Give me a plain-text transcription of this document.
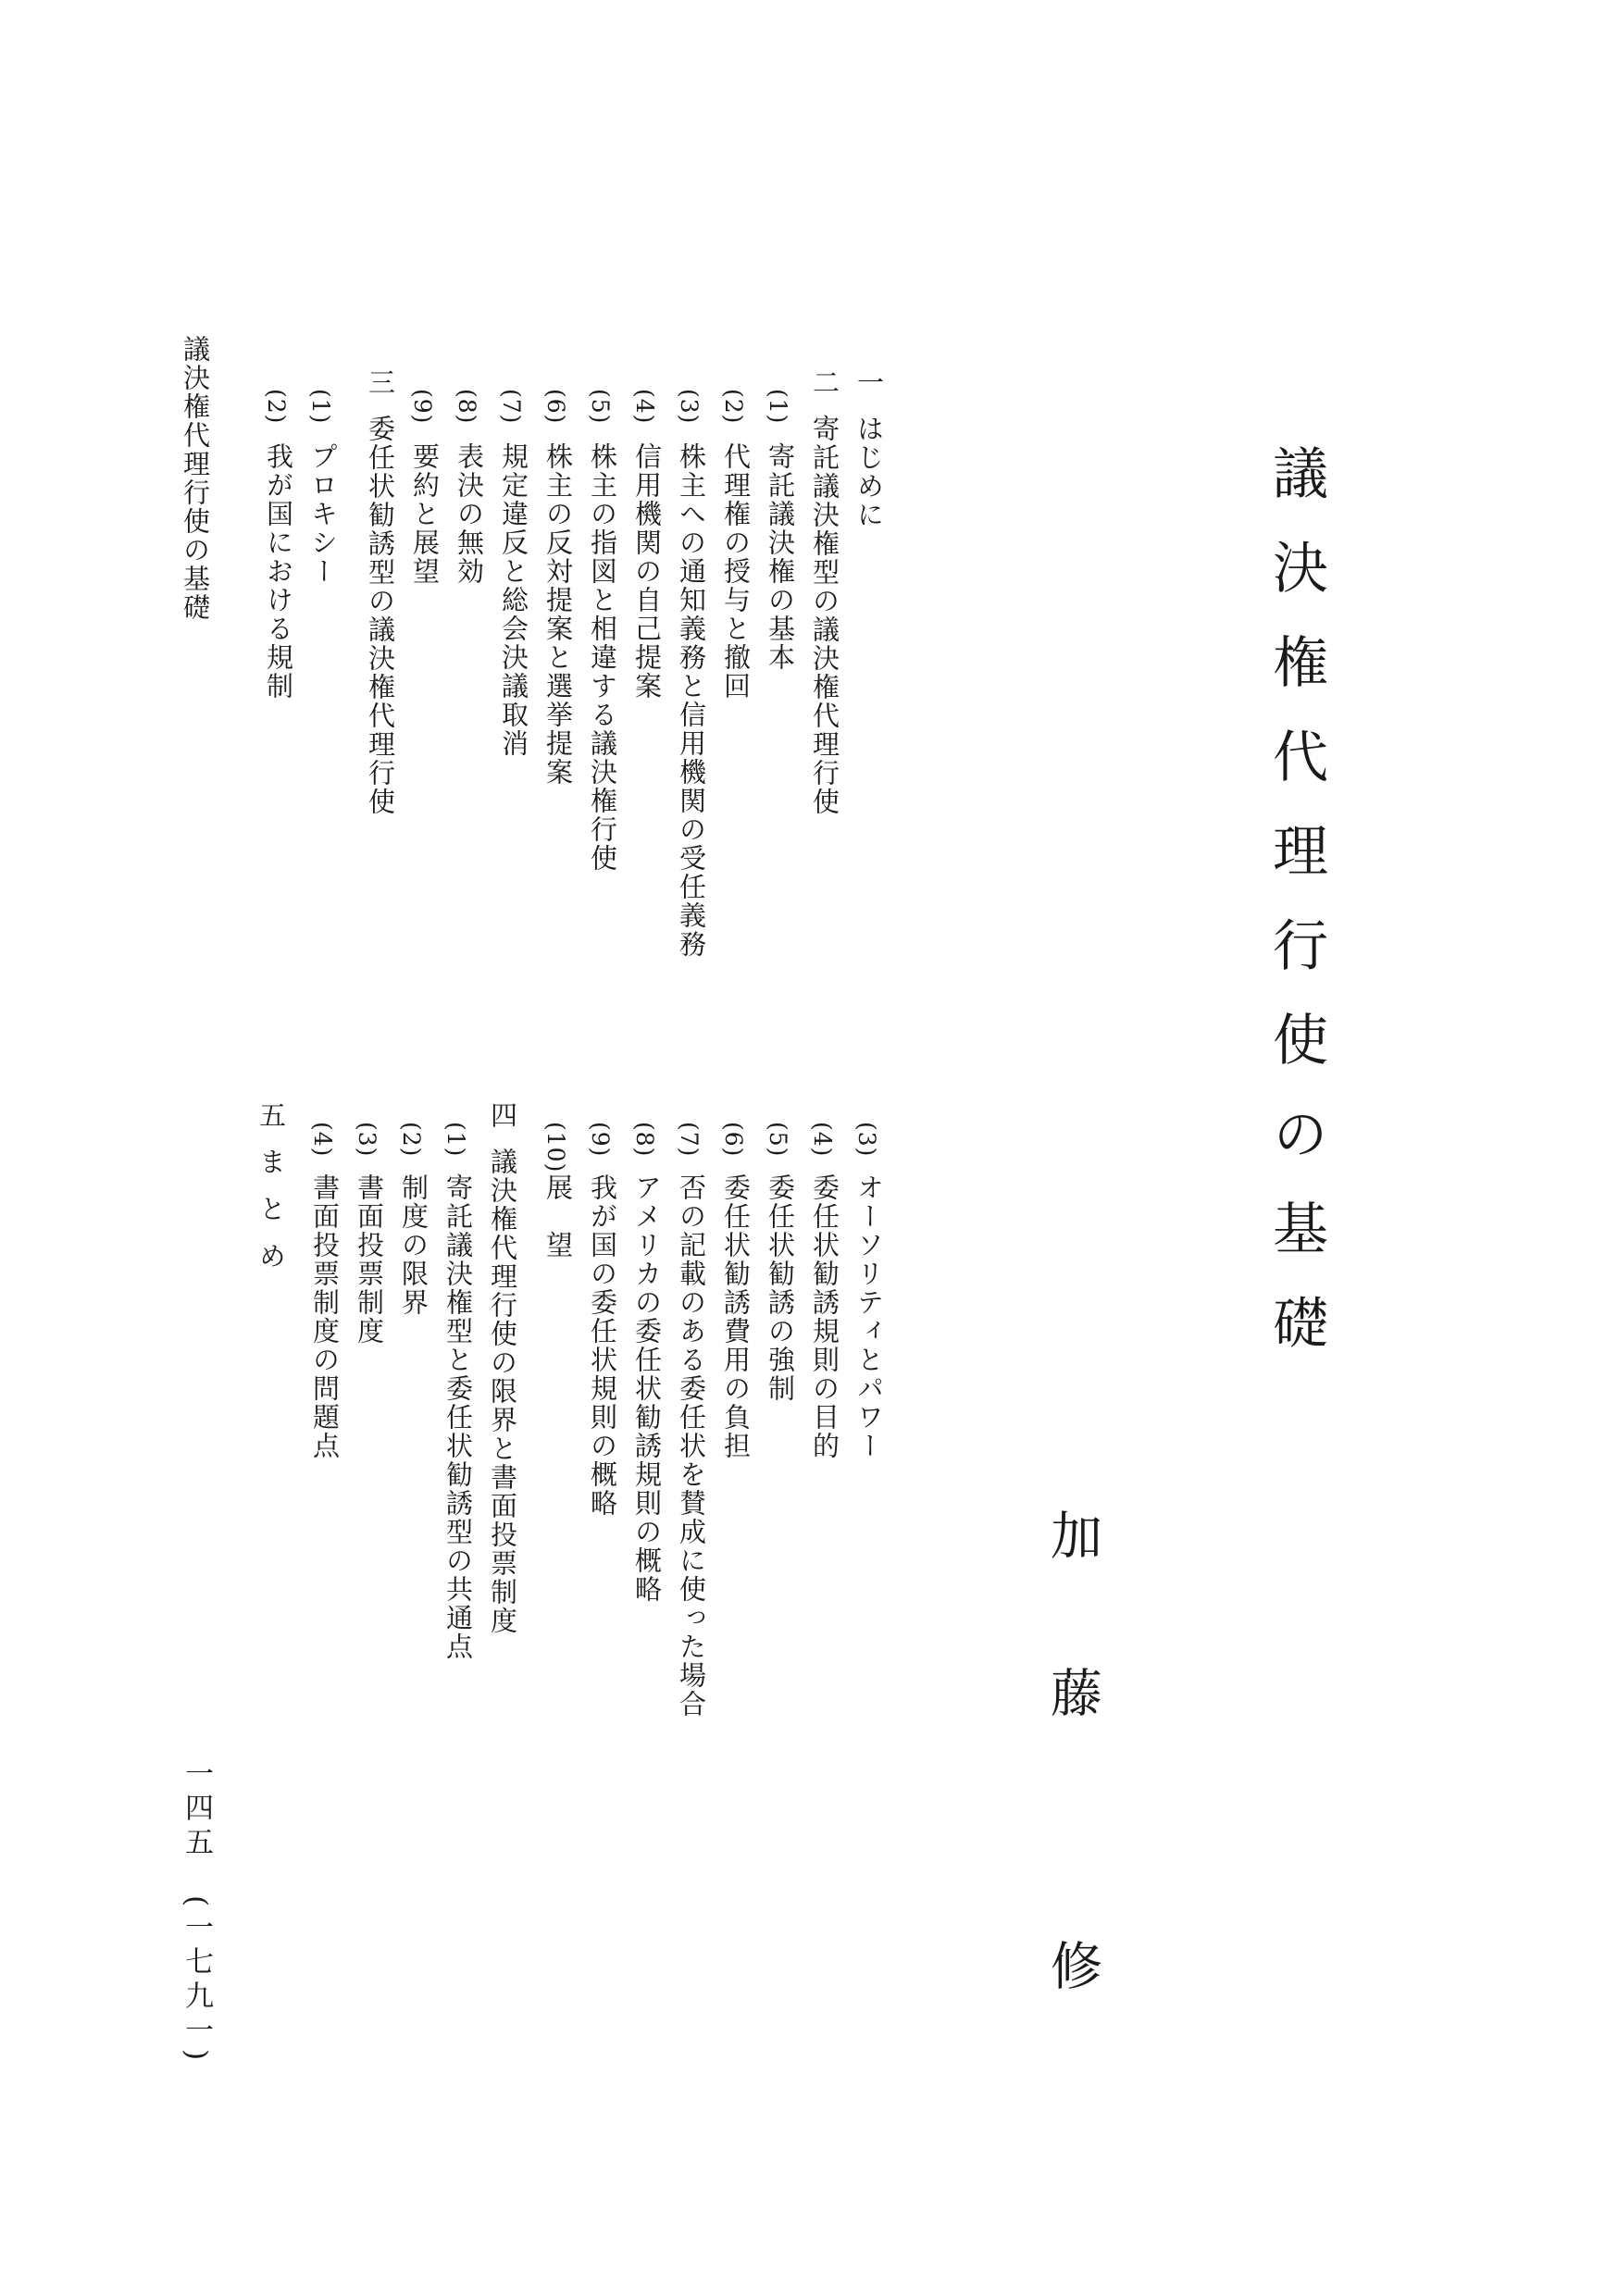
議決権代理行使の基礎
加
藤
修
一
はじめに
二
寄託議決権型の議決権代理行使
(1)
寄託議決権の基本
(2)
代理権の授与と撤回
(3)
株主への通知義務と信用機関の受任義務
(4)
信用機関の自己提案
(5)
株主の指図と相違する議決権行使
(6)
株主の反対提案と選挙提案
(7)
規定違反と総会決議取消
(8)
表決の無効
(9)
要約と展望
三
委任状勧誘型の議決権代理行使
(1)
プロキシー
(2)
我が国における規制
(3)
オーソリティとパワー
(4)
委任状勧誘規則の目的
(5)
委任状勧誘の強制
(6)
委任状勧誘費用の負担
(7)
否の記載のある委任状を賛成に使った場合
(8)
アメリカの委任状勧誘規則の概略
(9)
我が国の委任状規則の概略
(10)
展　望
四
議決権代理行使の限界と書面投票制度
(1)
寄託議決権型と委任状勧誘型の共通点
(2)
制度の限界
(3)
書面投票制度
(4)
書面投票制度の問題点
五
まとめ
議決権代理行使の基礎
一四五　(一七九一)
